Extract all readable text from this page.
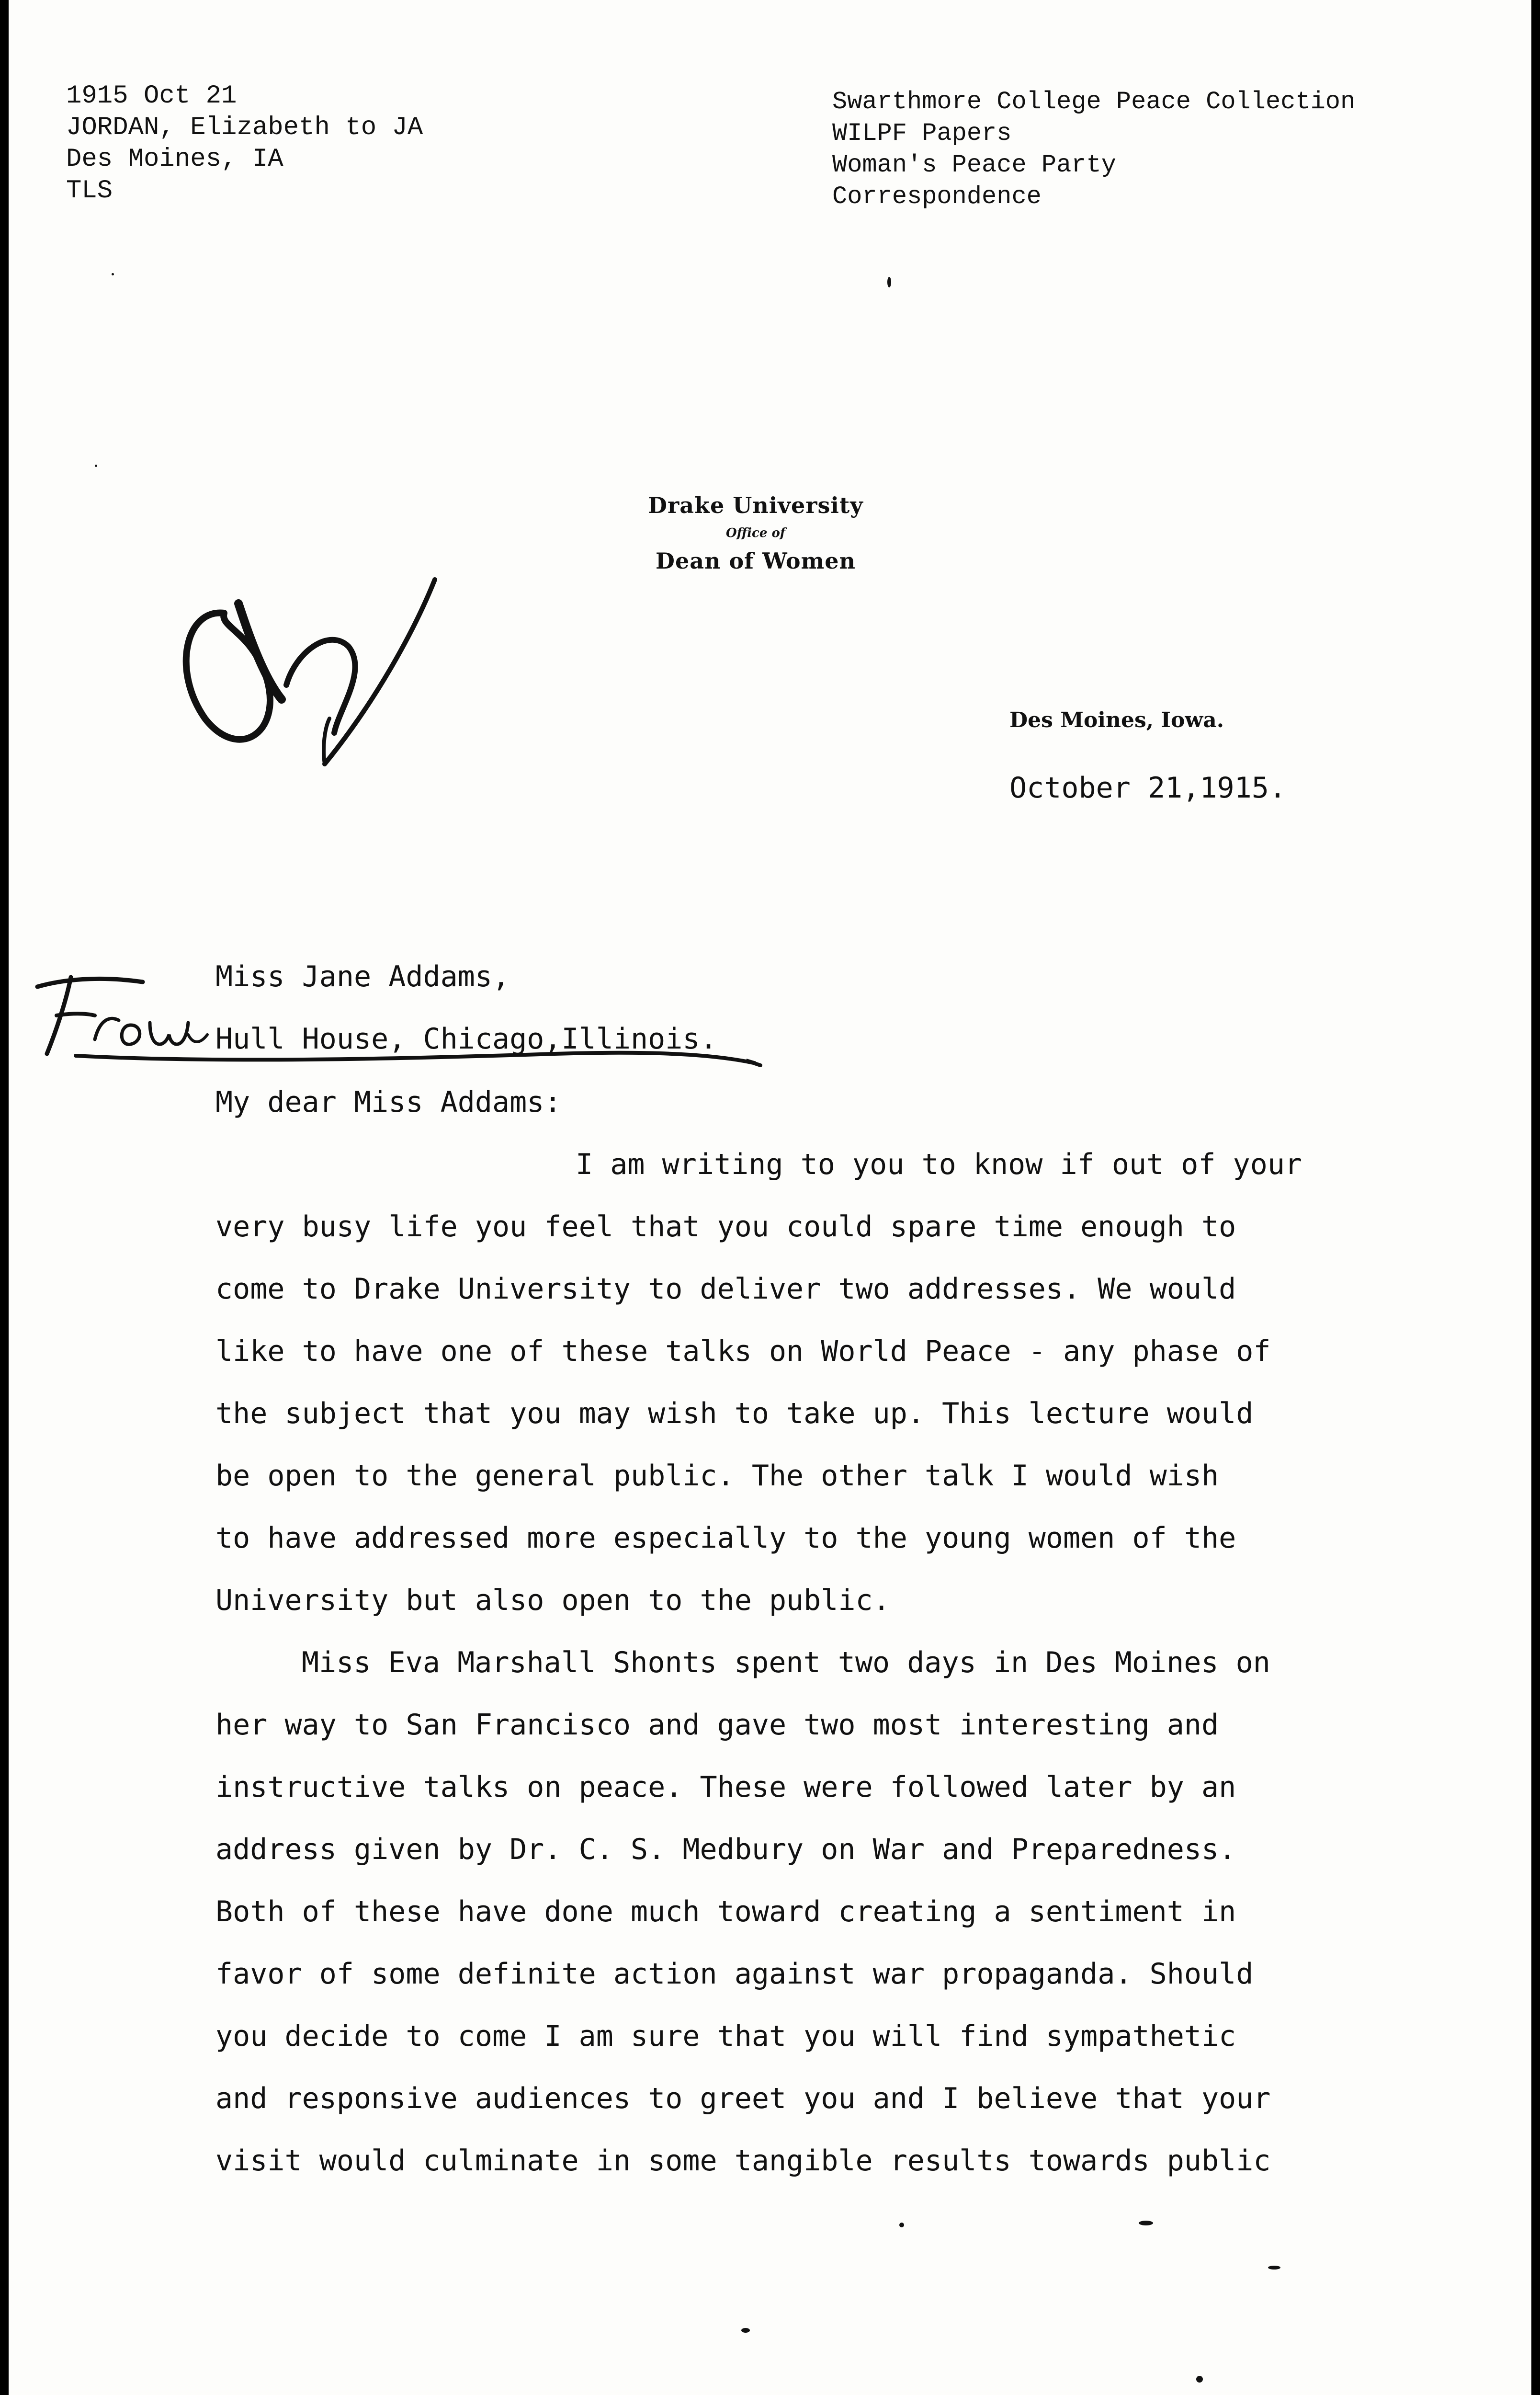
1915 Oct 21
JORDAN, Elizabeth to JA
Des Moines, IA
TLS
Swarthmore College Peace Collection
WILPF Papers
Woman's Peace Party
Correspondence
Drake University
Office of
Dean of Women
Des Moines, Iowa.
October 21,1915.
Miss Jane Addams,
Hull House, Chicago,Illinois.
My dear Miss Addams:
I am writing to you to know if out of your
very busy life you feel that you could spare time enough to
come to Drake University to deliver two addresses. We would
like to have one of these talks on World Peace - any phase of
the subject that you may wish to take up. This lecture would
be open to the general public. The other talk I would wish
to have addressed more especially to the young women of the
University but also open to the public.
Miss Eva Marshall Shonts spent two days in Des Moines on
her way to San Francisco and gave two most interesting and
instructive talks on peace. These were followed later by an
address given by Dr. C. S. Medbury on War and Preparedness.
Both of these have done much toward creating a sentiment in
favor of some definite action against war propaganda. Should
you decide to come I am sure that you will find sympathetic
and responsive audiences to greet you and I believe that your
visit would culminate in some tangible results towards public
